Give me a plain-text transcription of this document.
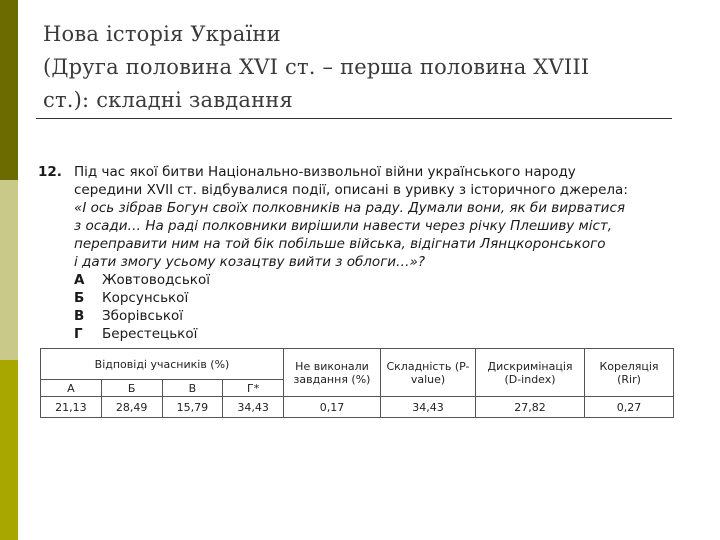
Нова історія України
(Друга половина XVI ст. – перша половина XVIII
ст.): складні завдання
12. Під час якої битви Національно-визвольної війни українського народу
середини XVII ст. відбувалися події, описані в уривку з історичного джерела:
«І ось зібрав Богун своїх полковників на раду. Думали вони, як би вирватися
з осади… На раді полковники вирішили навести через річку Плешиву міст,
переправити ним на той бік побільше війська, відігнати Лянцкоронського
і дати змогу усьому козацтву вийти з облоги…»?
А Жовтоводської
Б Корсунської
В Зборівської
Г Берестецької
Відповіді учасників (%)				Не виконали завдання (%)	Складність (P-value)	Дискримінація (D-index)	Кореляція (Rir)
А	Б	В	Г*				
21,13	28,49	15,79	34,43	0,17	34,43	27,82	0,27
